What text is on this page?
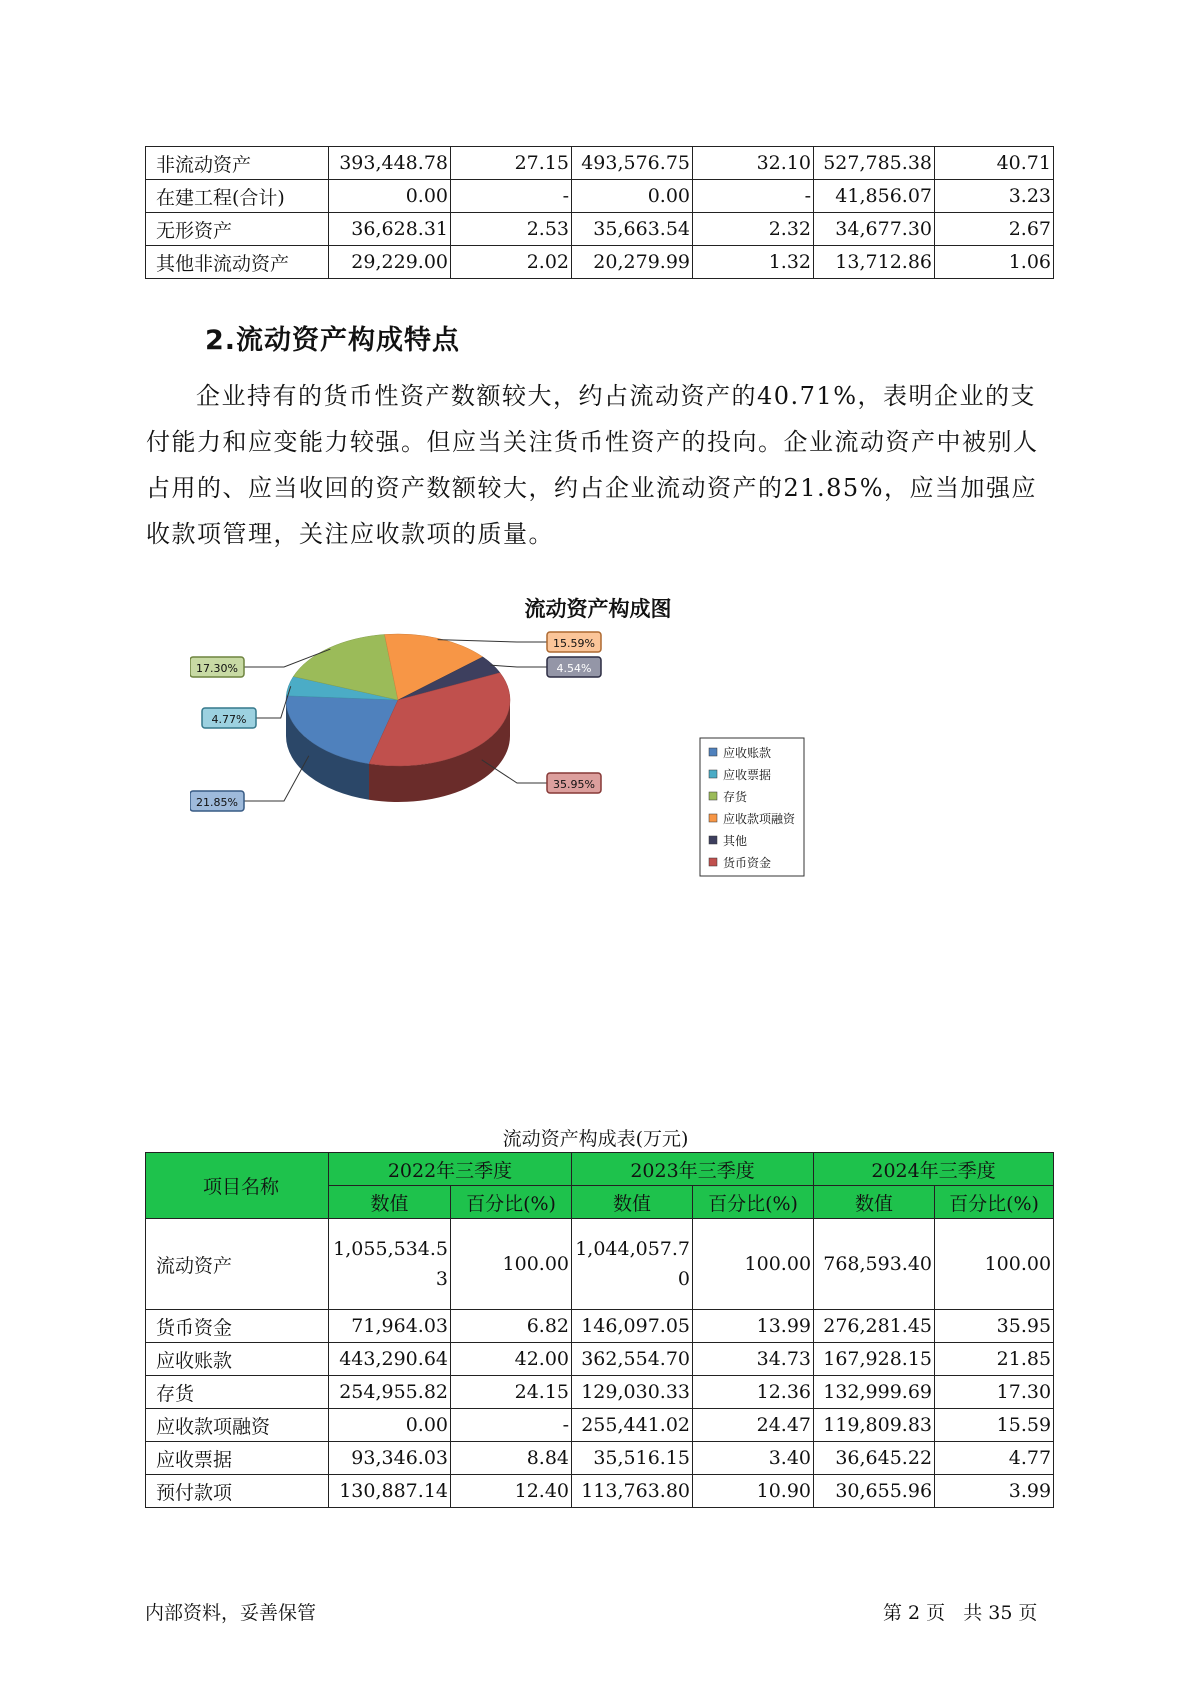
非流动资产	393,448.78	27.15	493,576.75	32.10	527,785.38	40.71
在建工程(合计)	0.00	-	0.00	-	41,856.07	3.23
无形资产	36,628.31	2.53	35,663.54	2.32	34,677.30	2.67
其他非流动资产	29,229.00	2.02	20,279.99	1.32	13,712.86	1.06
2.流动资产构成特点

企业持有的货币性资产数额较大，约占流动资产的40.71%，表明企业的支付能力和应变能力较强。但应当关注货币性资产的投向。企业流动资产中被别人占用的、应当收回的资产数额较大，约占企业流动资产的21.85%，应当加强应收款项管理，关注应收款项的质量。

流动资产构成图
21.85%
4.77%
17.30%
15.59%
4.54%
35.95%
应收账款
应收票据
存货
应收款项融资
其他
货币资金
流动资产构成表(万元)
项目名称	2022年三季度		2023年三季度		2024年三季度	
	数值	百分比(%)	数值	百分比(%)	数值	百分比(%)
流动资产	1,055,534.53	100.00	1,044,057.70	100.00	768,593.40	100.00
货币资金	71,964.03	6.82	146,097.05	13.99	276,281.45	35.95
应收账款	443,290.64	42.00	362,554.70	34.73	167,928.15	21.85
存货	254,955.82	24.15	129,030.33	12.36	132,999.69	17.30
应收款项融资	0.00	-	255,441.02	24.47	119,809.83	15.59
应收票据	93,346.03	8.84	35,516.15	3.40	36,645.22	4.77
预付款项	130,887.14	12.40	113,763.80	10.90	30,655.96	3.99
内部资料，妥善保管	第 2 页 共 35 页
